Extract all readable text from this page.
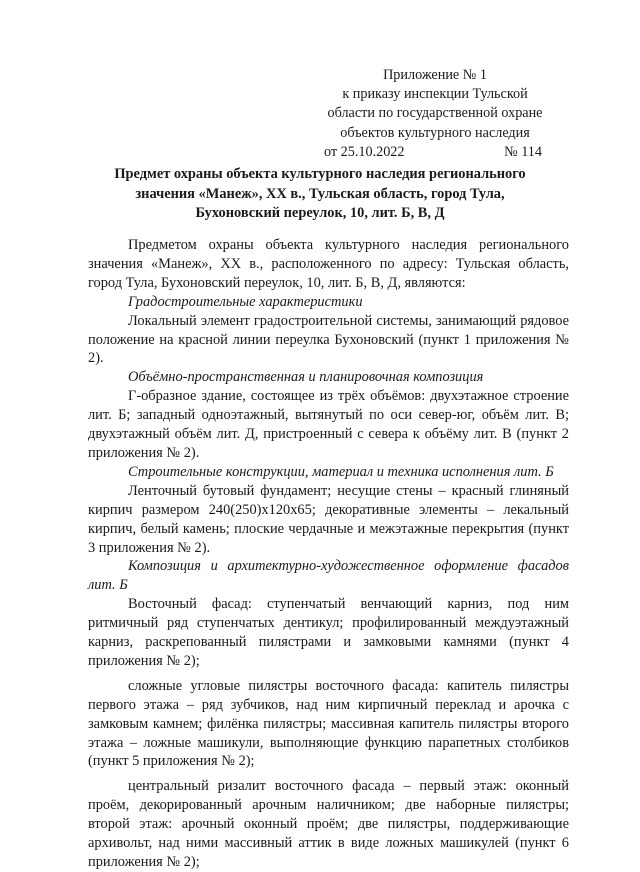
Приложение № 1
к приказу инспекции Тульской
области по государственной охране
объектов культурного наследия
от 25.10.2022	№ 114
Предмет охраны объекта культурного наследия регионального
значения «Манеж», XX в., Тульская область, город Тула,
Бухоновский переулок, 10, лит. Б, В, Д

Предметом охраны объекта культурного наследия регионального значения «Манеж», XX в., расположенного по адресу: Тульская область, город Тула, Бухоновский переулок, 10, лит. Б, В, Д, являются:

Градостроительные характеристики

Локальный элемент градостроительной системы, занимающий рядовое положение на красной линии переулка Бухоновский (пункт 1 приложения № 2).

Объёмно-пространственная и планировочная композиция

Г-образное здание, состоящее из трёх объёмов: двухэтажное строение лит. Б; западный одноэтажный, вытянутый по оси север-юг, объём лит. В; двухэтажный объём лит. Д, пристроенный с севера к объёму лит. В (пункт 2 приложения № 2).

Строительные конструкции, материал и техника исполнения лит. Б

Ленточный бутовый фундамент; несущие стены – красный глиняный кирпич размером 240(250)х120х65; декоративные элементы – лекальный кирпич, белый камень; плоские чердачные и межэтажные перекрытия (пункт 3 приложения № 2).

Композиция и архитектурно-художественное оформление фасадов лит. Б

Восточный фасад: ступенчатый венчающий карниз, под ним ритмичный ряд ступенчатых дентикул; профилированный междуэтажный карниз, раскрепованный пилястрами и замковыми камнями (пункт 4 приложения № 2);

сложные угловые пилястры восточного фасада: капитель пилястры первого этажа – ряд зубчиков, над ним кирпичный переклад и арочка с замковым камнем; филёнка пилястры; массивная капитель пилястры второго этажа – ложные машикули, выполняющие функцию парапетных столбиков (пункт 5 приложения № 2);

центральный ризалит восточного фасада – первый этаж: оконный проём, декорированный арочным наличником; две наборные пилястры; второй этаж: арочный оконный проём; две пилястры, поддерживающие архивольт, над ними массивный аттик в виде ложных машикулей (пункт 6 приложения № 2);
